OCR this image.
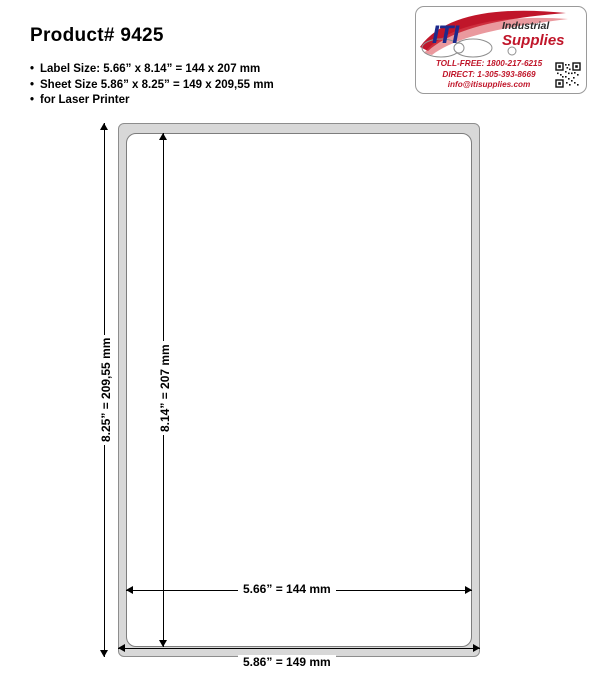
Product# 9425
• Label Size: 5.66” x 8.14” = 144 x 207 mm
• Sheet Size 5.86” x 8.25” = 149 x 209,55 mm
• for Laser Printer
ITI	Industrial
Supplies
TOLL-FREE: 1800-217-6215
DIRECT: 1-305-393-8669
info@itisupplies.com
8.25” = 209,55 mm	8.14” = 207 mm
5.66” = 144 mm
5.86” = 149 mm
